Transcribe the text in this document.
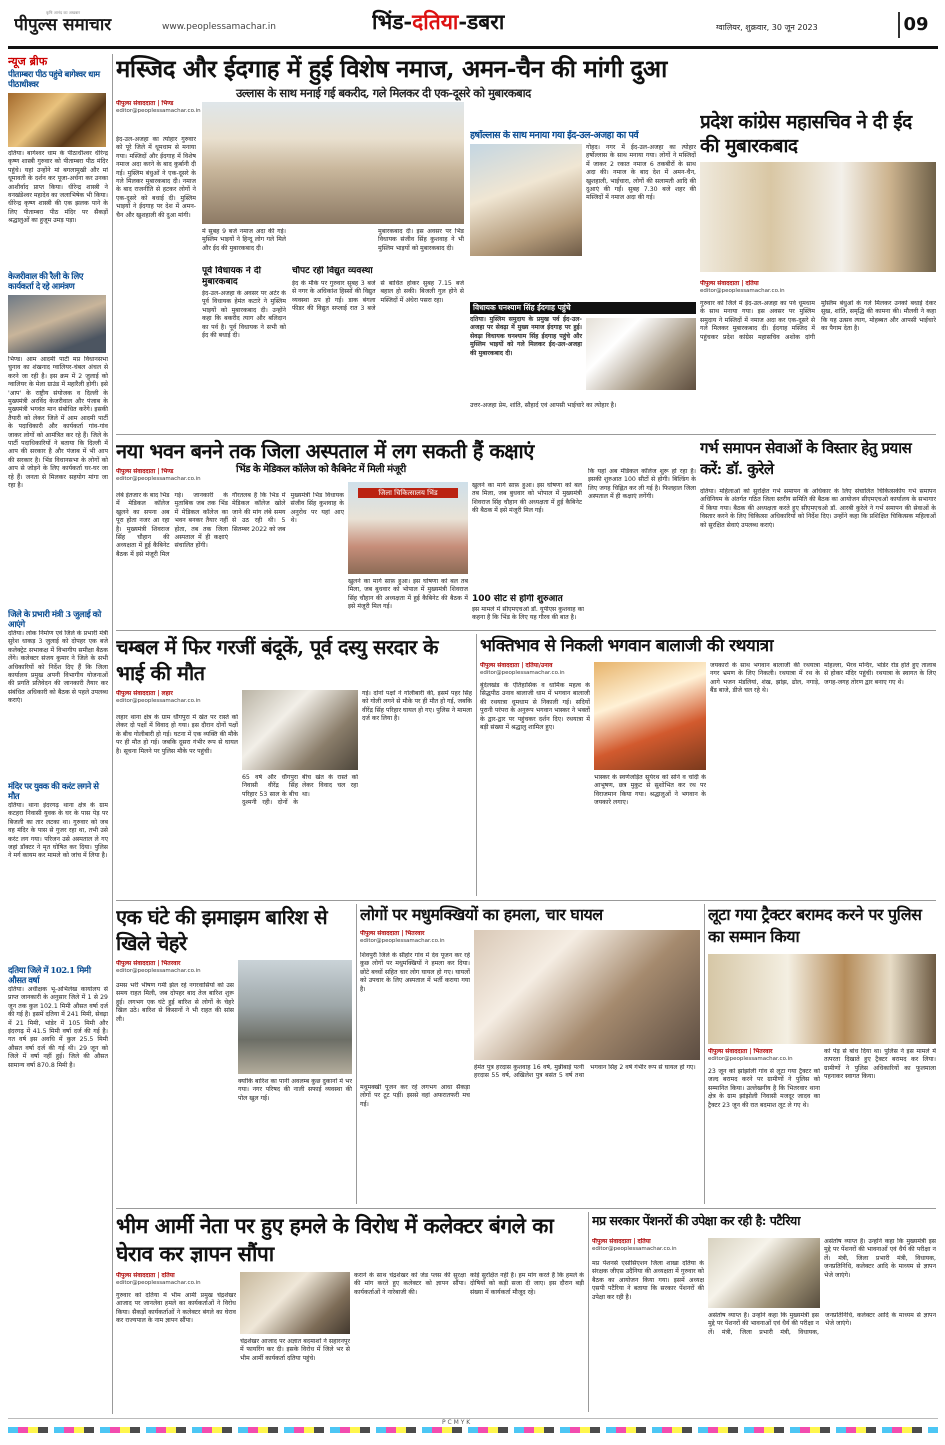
कृषि आनंद का अखबार
पीपुल्स समाचार	www.peoplessamachar.in	भिंड-दतिया-डबरा	ग्वालियर, शुक्रवार, 30 जून 2023	09
न्यूज ब्रीफ
पीताम्बरा पीठ पहुंचे बागेश्वर धाम पीठाधीश्वर
दतिया। बागेश्वर धाम के पीठाधीश्वर धीरेन्द्र कृष्ण शास्त्री गुरुवार को पीताम्बरा पीठ मंदिर पहुंचे। यहां उन्होंने मां बगलामुखी और मां धूमावती के दर्शन कर पूजा-अर्चना कर उनका आशीर्वाद प्राप्त किया। धीरेन्द्र शास्त्री ने वनखंडेश्वर महादेव का जलाभिषेक भी किया। धीरेन्द्र कृष्ण शास्त्री की एक झलक पाने के लिए पीताम्बरा पीठ मंदिर पर सैकड़ों श्रद्धालुओं का हुजूम उमड़ पड़ा।
केजरीवाल की रैली के लिए कार्यकर्ता दे रहे आमंत्रण
भिण्ड। आम आदमी पार्टी मप्र विधानसभा चुनाव का शंखनाद ग्वालियर-चंबल अंचल से करने जा रही है। इस क्रम में 2 जुलाई को ग्वालियर के मेला ग्राउंड में महारैली होगी। इसे 'आप' के राष्ट्रीय संयोजक व दिल्ली के मुख्यमंत्री अरविंद केजरीवाल और पंजाब के मुख्यमंत्री भगवंत मान संबोधित करेंगे। इसकी तैयारी को लेकर जिले में आम आदमी पार्टी के पदाधिकारी और कार्यकर्ता गांव-गांव जाकर लोगों को आमंत्रित कर रहे हैं। जिले के पार्टी पदाधिकारियों ने बताया कि दिल्ली में आप की सरकार है और पंजाब में भी आप की सरकार है। भिंड विधानसभा के लोगों को आप से जोड़ने के लिए कार्यकर्ता घर-घर जा रहे हैं। जनता से मिलकर सहयोग मांगा जा रहा है।
जिले के प्रभारी मंत्री 3 जुलाई को आएंगे
दतिया। लोक निर्माण एवं जिले के प्रभारी मंत्री सुरेश धाकड़ 3 जुलाई को दोपहर एक बजे कलेक्ट्रेट सभाकक्ष में विभागीय समीक्षा बैठक लेंगे। कलेक्टर संजय कुमार ने जिले के सभी अधिकारियों को निर्देश दिए हैं कि जिला कार्यालय प्रमुख अपनी विभागीय योजनाओं की प्रगति प्रतिवेदन की जानकारी तैयार कर संबंधित अधिकारी को बैठक से पहले उपलब्ध कराएं।
मंदिर पर युवक की करंट लगने से मौत
दतिया। थाना इंदरगढ़ थाना क्षेत्र के ग्राम कटहरा निवासी युवक के घर के पास पेड़ पर बिजली का तार लटका था। गुरुवार को जब वह मंदिर के पास से गुजर रहा था, तभी उसे करंट लग गया। परिजन उसे अस्पताल ले गए जहां डॉक्टर ने मृत घोषित कर दिया। पुलिस ने मर्ग कायम कर मामले को जांच में लिया है।
दतिया जिले में 102.1 मिमी औसत वर्षा
दतिया। अधीक्षक भू-अभिलेख कार्यालय से प्राप्त जानकारी के अनुसार जिले में 1 से 29 जून तक कुल 102.1 मिमी औसत वर्षा दर्ज की गई है। इसमें दतिया में 241 मिमी, सेवढ़ा में 21 मिमी, भांडेर में 105 मिमी और इंदरगढ़ में 41.5 मिमी वर्षा दर्ज की गई है। गत वर्ष इस अवधि में कुल 25.5 मिमी औसत वर्षा दर्ज की गई थी। 29 जून को जिले में वर्षा नहीं हुई। जिले की औसत सामान्य वर्षा 870.8 मिमी है।
मस्जिद और ईदगाह में हुई विशेष नमाज, अमन-चैन की मांगी दुआ
उल्लास के साथ मनाई गई बकरीद, गले मिलकर दी एक-दूसरे को मुबारकबाद
पीपुल्स संवाददाता | भिण्ड
editor@peoplessamachar.co.in
ईद-उल-अजहा का त्योहार गुरुवार को पूरे जिले में धूमधाम से मनाया गया। मस्जिदों और ईदगाह में विशेष नमाज अदा करने के बाद कुर्बानी दी गई। मुस्लिम बंधुओं ने एक-दूसरे के गले मिलकर मुबारकबाद दी। नमाज के बाद राजनीति से हटकर लोगों ने एक-दूसरे को बधाई दी। मुस्लिम भाइयों ने ईदगाह पर देश में अमन-चैन और खुशहाली की दुआ मांगी।
में सुबह 9 बजे नमाज अदा की गई। मुस्लिम भाइयों ने हिन्दू लोग गले मिले और ईद की मुबारकबाद दी।
पूर्व विधायक ने दी मुबारकबाद
ईद-उल-अजहा के अवसर पर अटेर के पूर्व विधायक हेमंत कटारे ने मुस्लिम भाइयों को मुबारकबाद दी। उन्होंने कहा कि बकरीद त्याग और बलिदान का पर्व है। पूर्व विधायक ने सभी को ईद की बधाई दी।
मुबारकबाद दी। इस अवसर पर भिंड विधायक संजीव सिंह कुशवाह ने भी मुस्लिम भाइयों को मुबारकबाद दी।
चौपट रही विद्युत व्यवस्था
ईद के मौके पर गुरुवार सुबह 3 बजे से नगर के अधिकांश हिस्सों की विद्युत व्यवस्था ठप हो गई। डाक बंगला फीडर की विद्युत सप्लाई रात 3 बजे से बाधित होकर सुबह 7.15 बजे बहाल हो सकी। बिजली गुल होने से मस्जिदों में अंधेरा पसरा रहा।
हर्षोल्लास के साथ मनाया गया ईद-उल-अजहा का पर्व
गोहद। नगर में ईद-उल-अजहा का त्योहार हर्षोल्लास के साथ मनाया गया। लोगों ने मस्जिदों में जाकर 2 रकात नमाज 6 तकबीरों के साथ अदा की। नमाज के बाद देश में अमन-चैन, खुशहाली, भाईचारा, लोगों की सलामती आदि की दुआएं की गईं। सुबह 7.30 बजे शहर की मस्जिदों में नमाज अदा की गई।
विधायक घनश्याम सिंह ईदगाह पहुंचे
दतिया। मुस्लिम समुदाय के प्रमुख पर्व ईद-उल-अजहा पर सेवढ़ा में मुख्य नमाज ईदगाह पर हुई। सेवढ़ा विधायक घनश्याम सिंह ईदगाह पहुंचे और मुस्लिम भाइयों को गले मिलकर ईद-उल-अजहा की मुबारकबाद दी।
उत्तर-अजहा प्रेम, शांति, सौहार्द एवं आपसी भाईचारे का त्योहार है।
प्रदेश कांग्रेस महासचिव ने दी ईद की मुबारकबाद
पीपुल्स संवाददाता | दतिया
editor@peoplessamachar.co.in
गुरुवार को जिले में ईद-उल-अजहा का पर्व धूमधाम के साथ मनाया गया। इस अवसर पर मुस्लिम समुदाय ने मस्जिदों में नमाज अदा कर एक-दूसरे से गले मिलकर मुबारकबाद दी। ईदगाह मस्जिद में पहुंचकर प्रदेश कांग्रेस महासचिव अशोक दांगी मुस्लिम बंधुओं के गले मिलकर उनको बधाई देकर सुख, शांति, समृद्धि की कामना की। मौलवी ने कहा कि यह उत्सव त्याग, मोहब्बत और आपसी भाईचारे का पैगाम देता है।
नया भवन बनने तक जिला अस्पताल में लग सकती हैं कक्षाएं
भिंड के मेडिकल कॉलेज को कैबिनेट में मिली मंजूरी
पीपुल्स संवाददाता | भिण्ड
editor@peoplessamachar.co.in
लंबे इंतजार के बाद भिंड में मेडिकल कॉलेज खुलने का सपना अब पूरा होता नजर आ रहा है। मुख्यमंत्री शिवराज सिंह चौहान की अध्यक्षता में हुई कैबिनेट बैठक में इसे मंजूरी मिल गई। जानकारी के मुताबिक जब तक भिंड में मेडिकल कॉलेज का भवन बनकर तैयार नहीं होता, तब तक जिला अस्पताल में ही कक्षाएं संचालित होंगी।
गौरतलब है कि भिंड में मेडिकल कॉलेज खोले जाने की मांग लंबे समय से उठ रही थी। 5 सितम्बर 2022 को जब मुख्यमंत्री भिंड विधायक संजीव सिंह कुशवाह के अनुरोध पर यहां आए थे।
जिला चिकित्सालय भिंड
खुलने का मार्ग साफ़ हुआ। इस घोषणा को बल तब मिला, जब बुधवार को भोपाल में मुख्यमंत्री शिवराज सिंह चौहान की अध्यक्षता में हुई कैबिनेट की बैठक में इसे मंजूरी मिल गई।
खुलने का मार्ग साफ़ हुआ। इस घोषणा को बल तब मिला, जब बुधवार को भोपाल में मुख्यमंत्री शिवराज सिंह चौहान की अध्यक्षता में हुई कैबिनेट की बैठक में इसे मंजूरी मिल गई।
100 सीट से होगी शुरुआत
इस मामले में सीएमएचओ डॉ. यूपीएस कुशवाह का कहना है कि भिंड के लिए यह गौरव की बात है।
कि यहां अब मेडिकल कॉलेज शुरू हो रहा है। इसकी शुरुआत 100 सीटों से होगी। बिल्डिंग के लिए जगह चिह्नित कर ली गई है। फिलहाल जिला अस्पताल में ही कक्षाएं लगेंगी।
गर्भ समापन सेवाओं के विस्तार हेतु प्रयास करें: डॉ. कुरेले
दतिया। महिलाओं को सुरक्षित गर्भ समापन के अधिकार के लिए संचालित चिकित्सकीय गर्भ समापन अधिनियम के अंतर्गत गठित जिला स्तरीय समिति की बैठक का आयोजन सीएमएचओ कार्यालय के सभागार में किया गया। बैठक की अध्यक्षता करते हुए सीएमएचओ डॉ. आरबी कुरेले ने गर्भ समापन की सेवाओं के विस्तार करने के लिए चिकित्सा अधिकारियों को निर्देश दिए। उन्होंने कहा कि प्रशिक्षित चिकित्सक महिलाओं को सुरक्षित सेवाएं उपलब्ध कराएं।
चम्बल में फिर गरजीं बंदूकें, पूर्व दस्यु सरदार के भाई की मौत
पीपुल्स संवाददाता | लहार
editor@peoplessamachar.co.in
लहार थाना क्षेत्र के ग्राम धौंगपुरा में खेत पर रास्ते को लेकर दो पक्षों में विवाद हो गया। इस दौरान दोनों पक्षों के बीच गोलीबारी हो गई। घटना में एक व्यक्ति की मौके पर ही मौत हो गई। जबकि दूसरा गंभीर रूप से घायल है। सूचना मिलने पर पुलिस मौके पर पहुंची।
65 वर्ष और धौंगपुरा निवासी वीरेंद्र सिंह परिहार 53 साल के बीच दुश्मनी रही। दोनों के बीच खेत के रास्ते को लेकर विवाद चल रहा था।
गई। दोनों पक्षों ने गोलीबारी की, इसमें पहर सिंह को गोली लगने से मौके पर ही मौत हो गई, जबकि वीरेंद्र सिंह परिहार घायल हो गए। पुलिस ने मामला दर्ज कर लिया है।
भक्तिभाव से निकली भगवान बालाजी की रथयात्रा
पीपुल्स संवाददाता | दतिया/उनाव
editor@peoplessamachar.co.in
बुंदेलखंड के ऐतिहासिक व धार्मिक महत्व के सिद्धपीठ उनाव बालाजी धाम में भगवान बालाजी की रथयात्रा धूमधाम से निकाली गई। सदियों पुरानी परंपरा के अनुरूप भगवान भास्कर ने भक्तों के द्वार-द्वार पर पहुंचकर दर्शन दिए। रथयात्रा में बड़ी संख्या में श्रद्धालु शामिल हुए।
भास्कर के स्वर्णजड़ित सूर्यरथ को सोने व चांदी के आभूषण, छत्र मुकुट से सुशोभित कर रथ पर विराजमान किया गया। श्रद्धालुओं ने भगवान के जयकारे लगाए।
जयकारों के साथ भगवान बालाजी की रथयात्रा नगर भ्रमण के लिए निकली। रथयात्रा में रथ के आगे भजन मंडलियां, शंख, झांझ, ढोल, नगाड़े, बैंड बाजे, डीजे चल रहे थे।
मोहल्ला, भैरव मन्दिर, भांडेर रोड होते हुए तालाब से होकर मंदिर पहुंची। रथयात्रा के स्वागत के लिए जगह-जगह तोरण द्वार बनाए गए थे।
एक घंटे की झमाझम बारिश से खिले चेहरे
पीपुल्स संवाददाता | भितरवार
editor@peoplessamachar.co.in
उमस भरी भीषण गर्मी झेल रहे नगरवासियों को उस समय राहत मिली, जब दोपहर बाद तेज बारिश शुरू हुई। लगभग एक घंटे हुई बारिश से लोगों के चेहरे खिल उठे। बारिश से किसानों ने भी राहत की सांस ली।
क्योंकि बारिश का पानी अवलम्ब कुछ दुकानों में भर गया। नगर परिषद की नाली सफाई व्यवस्था की पोल खुल गई।
लोगों पर मधुमक्खियों का हमला, चार घायल
पीपुल्स संवाददाता | भितरवार
editor@peoplessamachar.co.in
शिवपुरी जिले के सीहोर गांव में देव पूजन कर रहे कुछ लोगों पर मधुमक्खियों ने हमला कर दिया। छोटे बच्चों सहित चार लोग घायल हो गए। घायलों को उपचार के लिए अस्पताल में भर्ती कराया गया है।
मधुमक्खी पूजन कर रहे लगभग आधा सैकड़ा लोगों पर टूट पड़ीं। इससे वहां अफरातफरी मच गई।
हेमंत पुत्र हरदास कुशवाह 16 वर्ष, मुन्नीबाई पत्नी हरदास 55 वर्ष, अखिलेश पुत्र बसंत 5 वर्ष तथा भगवान सिंह 2 वर्ष गंभीर रूप से घायल हो गए।
लूटा गया ट्रैक्टर बरामद करने पर पुलिस का सम्मान किया
पीपुल्स संवाददाता | भितरवार
editor@peoplessamachar.co.in
23 जून को झांझोली गांव से लूटा गया ट्रैक्टर को जल्द बरामद करने पर ग्रामीणों ने पुलिस को सम्मानित किया। उल्लेखनीय है कि भितरवार थाना क्षेत्र के ग्राम झांझोली निवासी मजदूर जादव का ट्रैक्टर 23 जून की रात बदमाश लूट ले गए थे।
को पेड़ से बांध दिया था। पुलिस ने इस मामले में तत्परता दिखाते हुए ट्रैक्टर बरामद कर लिया। ग्रामीणों ने पुलिस अधिकारियों का फूलमाला पहनाकर स्वागत किया।
भीम आर्मी नेता पर हुए हमले के विरोध में कलेक्टर बंगले का घेराव कर ज्ञापन सौंपा
पीपुल्स संवाददाता | दतिया
editor@peoplessamachar.co.in
गुरुवार को दतिया में भीम आर्मी प्रमुख चंद्रशेखर आजाद पर जानलेवा हमले का कार्यकर्ताओं ने विरोध किया। सैकड़ों कार्यकर्ताओं ने कलेक्टर बंगले का घेराव कर राज्यपाल के नाम ज्ञापन सौंपा।
चंद्रशेखर आजाद पर अज्ञात बदमाशों ने सहारनपुर में फायरिंग कर दी। इसके विरोध में जिले भर से भीम आर्मी कार्यकर्ता दतिया पहुंचे।
कराने के साथ चंद्रशेखर को जेड प्लस की सुरक्षा की मांग करते हुए कलेक्टर को ज्ञापन सौंपा। कार्यकर्ताओं ने नारेबाजी की।
कोई सुरक्षित नहीं है। हम मांग करते हैं कि हमले के दोषियों को कड़ी सजा दी जाए। इस दौरान बड़ी संख्या में कार्यकर्ता मौजूद रहे।
मप्र सरकार पेंशनरों की उपेक्षा कर रही है: पटैरिया
पीपुल्स संवाददाता | दतिया
editor@peoplessamachar.co.in
मप्र पेंशनर्स एसोसिएशन जिला शाखा दतिया के संरक्षक जीएस उदैनिया की अध्यक्षता में गुरुवार को बैठक का आयोजन किया गया। इसमें अध्यक्ष एसपी पटैरिया ने बताया कि सरकार पेंशनरों की उपेक्षा कर रही है।
असंतोष व्याप्त है। उन्होंने कहा कि मुख्यमंत्री इस मुद्दे पर पेंशनरों की भावनाओं एवं धैर्य की परीक्षा न लें। मंत्री, जिला प्रभारी मंत्री, विधायक, जनप्रतिनिधि, कलेक्टर आदि के माध्यम से ज्ञापन भेजे जाएंगे।
असंतोष व्याप्त है। उन्होंने कहा कि मुख्यमंत्री इस मुद्दे पर पेंशनरों की भावनाओं एवं धैर्य की परीक्षा न लें। मंत्री, जिला प्रभारी मंत्री, विधायक, जनप्रतिनिधि, कलेक्टर आदि के माध्यम से ज्ञापन भेजे जाएंगे।
P C M Y K
